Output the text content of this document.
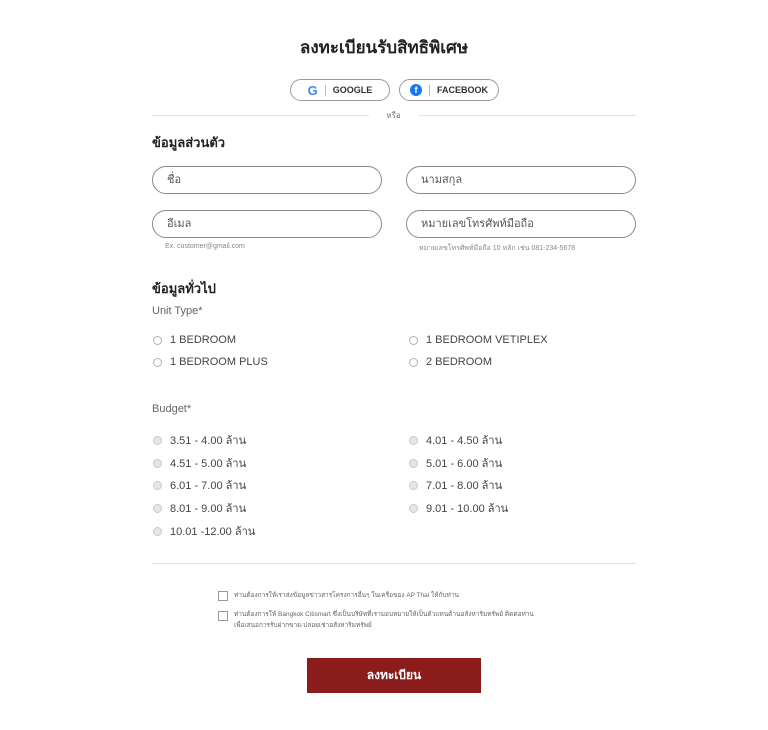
ลงทะเบียนรับสิทธิพิเศษ
G GOOGLE	f	FACEBOOK
หรือ
ข้อมูลส่วนตัว
ชื่อ
นามสกุล
อีเมล
หมายเลขโทรศัพท์มือถือ
Ex. customer@gmail.com	หมายเลขโทรศัพท์มือถือ 10 หลัก เช่น 081-234-5678
ข้อมูลทั่วไป
Unit Type*
1 BEDROOM	1 BEDROOM VETIPLEX
1 BEDROOM PLUS	2 BEDROOM
Budget*
3.51 - 4.00 ล้าน	4.01 - 4.50 ล้าน
4.51 - 5.00 ล้าน	5.01 - 6.00 ล้าน
6.01 - 7.00 ล้าน	7.01 - 8.00 ล้าน
8.01 - 9.00 ล้าน	9.01 - 10.00 ล้าน
10.01 -12.00 ล้าน
ท่านต้องการให้เราส่งข้อมูลข่าวสารโครงการอื่นๆ ในเครือของ AP Thai ให้กับท่าน
ท่านต้องการให้ Bangkok Citismart ซึ่งเป็นบริษัทที่เรามอบหมายให้เป็นตัวแทนด้านอสังหาริมทรัพย์ ติดต่อท่าน
เพื่อเสนอการรับฝากขาย-ปล่อยเช่าอสังหาริมทรัพย์
ลงทะเบียน
